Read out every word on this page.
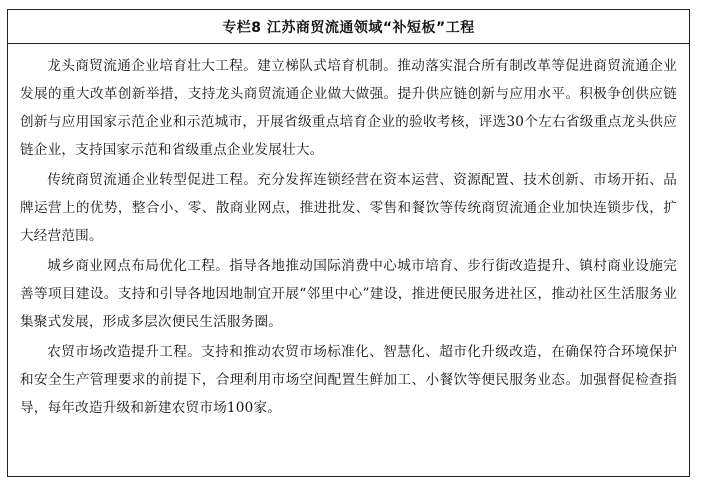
专栏8 江苏商贸流通领域“补短板”工程

龙头商贸流通企业培育壮大工程。建立梯队式培育机制。推动落实混合所有制改革等促进商贸流通企业发展的重大改革创新举措，支持龙头商贸流通企业做大做强。提升供应链创新与应用水平。积极争创供应链创新与应用国家示范企业和示范城市，开展省级重点培育企业的验收考核，评选30个左右省级重点龙头供应链企业，支持国家示范和省级重点企业发展壮大。

传统商贸流通企业转型促进工程。充分发挥连锁经营在资本运营、资源配置、技术创新、市场开拓、品牌运营上的优势，整合小、零、散商业网点，推进批发、零售和餐饮等传统商贸流通企业加快连锁步伐，扩大经营范围。

城乡商业网点布局优化工程。指导各地推动国际消费中心城市培育、步行街改造提升、镇村商业设施完善等项目建设。支持和引导各地因地制宜开展“邻里中心”建设，推进便民服务进社区，推动社区生活服务业集聚式发展，形成多层次便民生活服务圈。

农贸市场改造提升工程。支持和推动农贸市场标准化、智慧化、超市化升级改造，在确保符合环境保护和安全生产管理要求的前提下，合理利用市场空间配置生鲜加工、小餐饮等便民服务业态。加强督促检查指导，每年改造升级和新建农贸市场100家。
